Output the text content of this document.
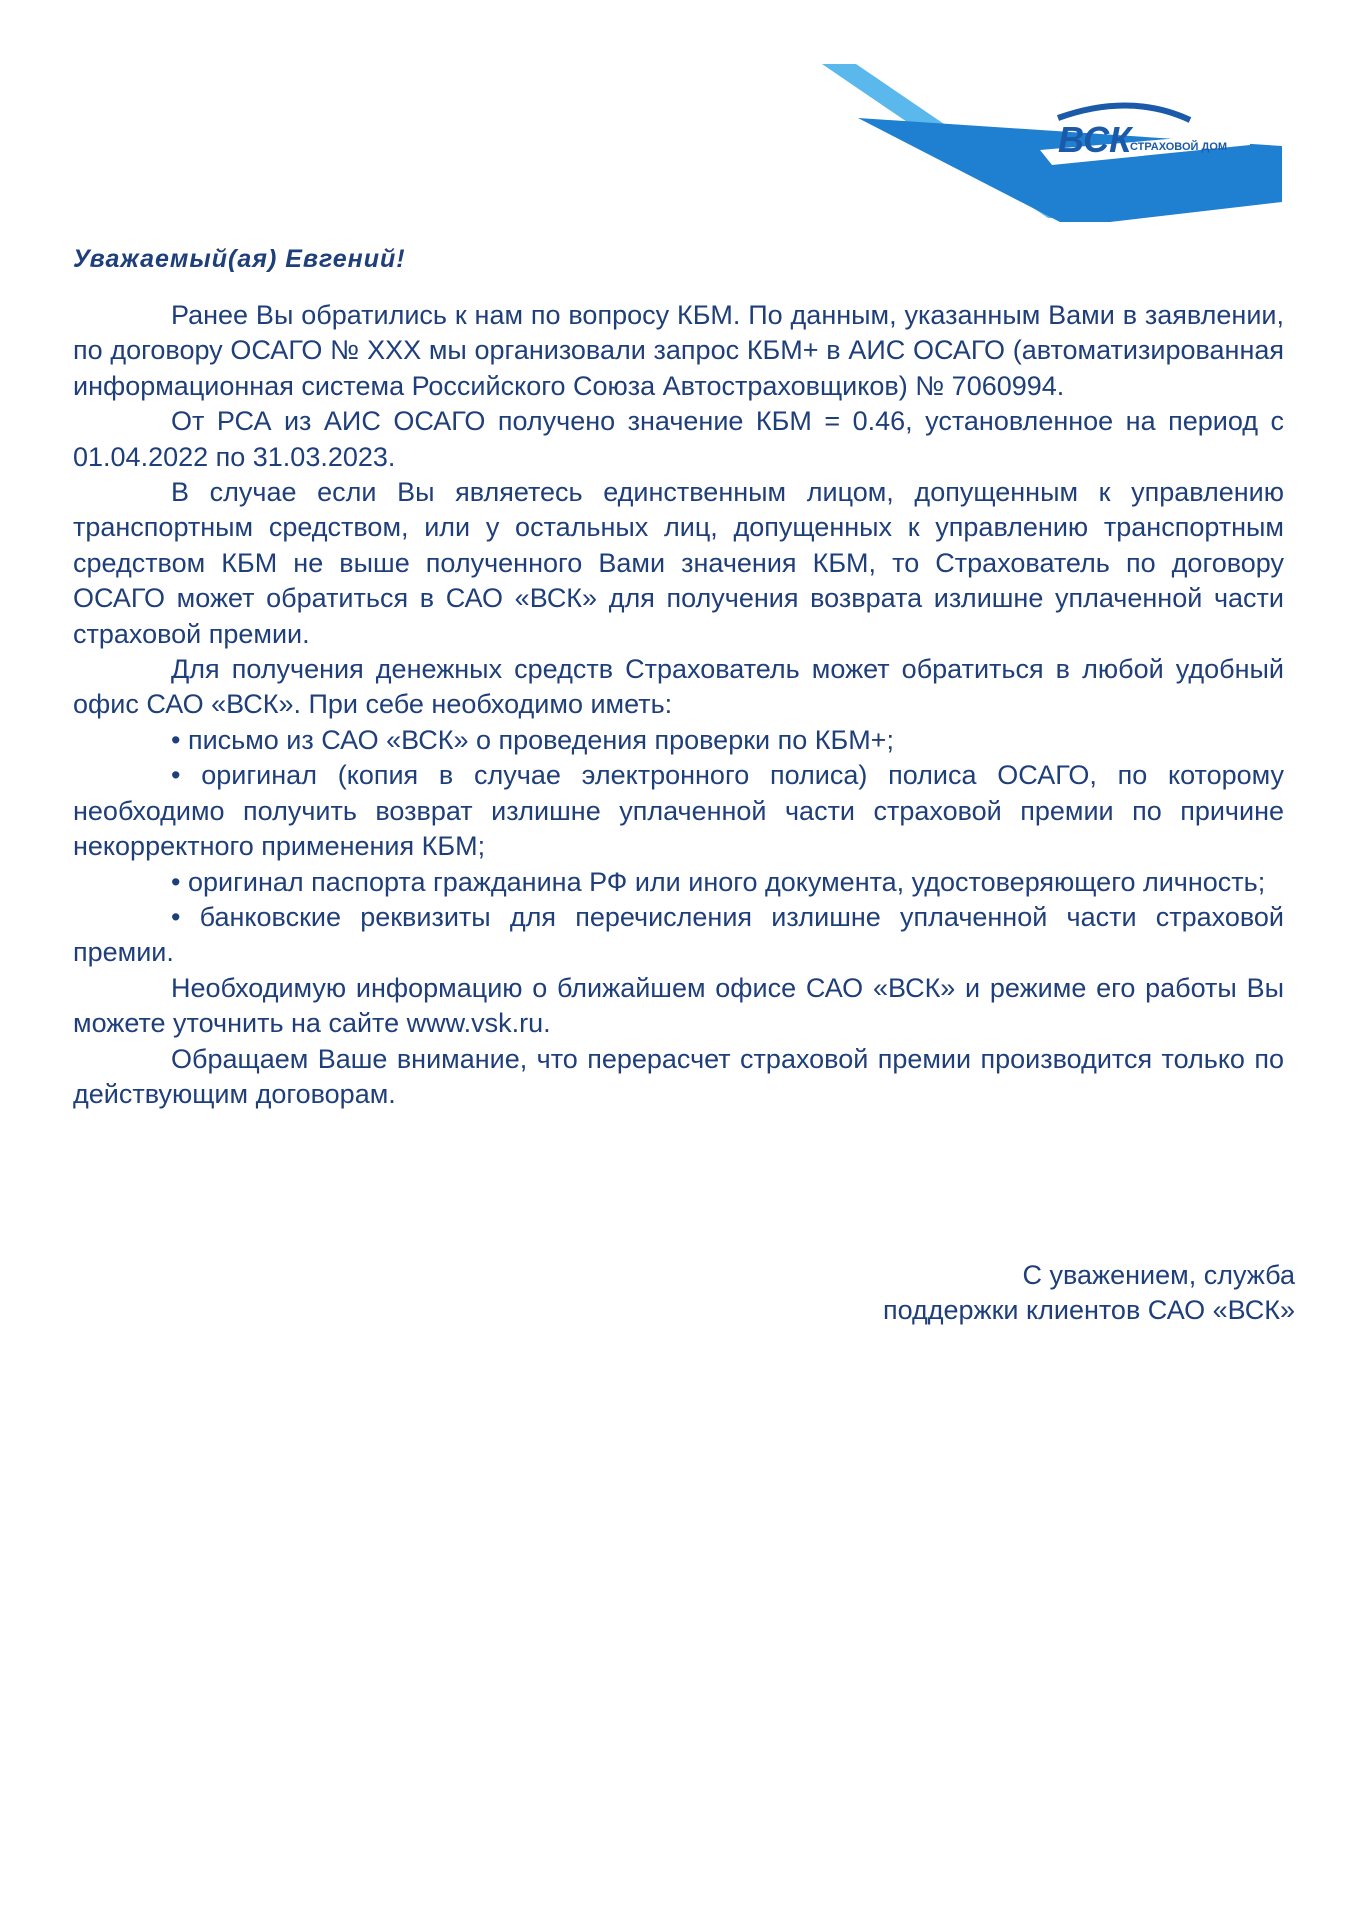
ВСК
СТРАХОВОЙ ДОМ

Уважаемый(ая) Евгений!

Ранее Вы обратились к нам по вопросу КБМ. По данным, указанным Вами в заявлении, по договору ОСАГО № XXX мы организовали запрос КБМ+ в АИС ОСАГО (автоматизированная информационная система Российского Союза Автостраховщиков) № 7060994.

От РСА из АИС ОСАГО получено значение КБМ = 0.46, установленное на период с 01.04.2022 по 31.03.2023.

В случае если Вы являетесь единственным лицом, допущенным к управлению транспортным средством, или у остальных лиц, допущенных к управлению транспортным средством КБМ не выше полученного Вами значения КБМ, то Страхователь по договору ОСАГО может обратиться в САО «ВСК» для получения возврата излишне уплаченной части страховой премии.

Для получения денежных средств Страхователь может обратиться в любой удобный офис САО «ВСК». При себе необходимо иметь:

• письмо из САО «ВСК» о проведения проверки по КБМ+;

• оригинал (копия в случае электронного полиса) полиса ОСАГО, по которому необходимо получить возврат излишне уплаченной части страховой премии по причине некорректного применения КБМ;

• оригинал паспорта гражданина РФ или иного документа, удостоверяющего личность;

• банковские реквизиты для перечисления излишне уплаченной части страховой премии.

Необходимую информацию о ближайшем офисе САО «ВСК» и режиме его работы Вы можете уточнить на сайте www.vsk.ru.

Обращаем Ваше внимание, что перерасчет страховой премии производится только по действующим договорам.

С уважением, служба
поддержки клиентов САО «ВСК»
